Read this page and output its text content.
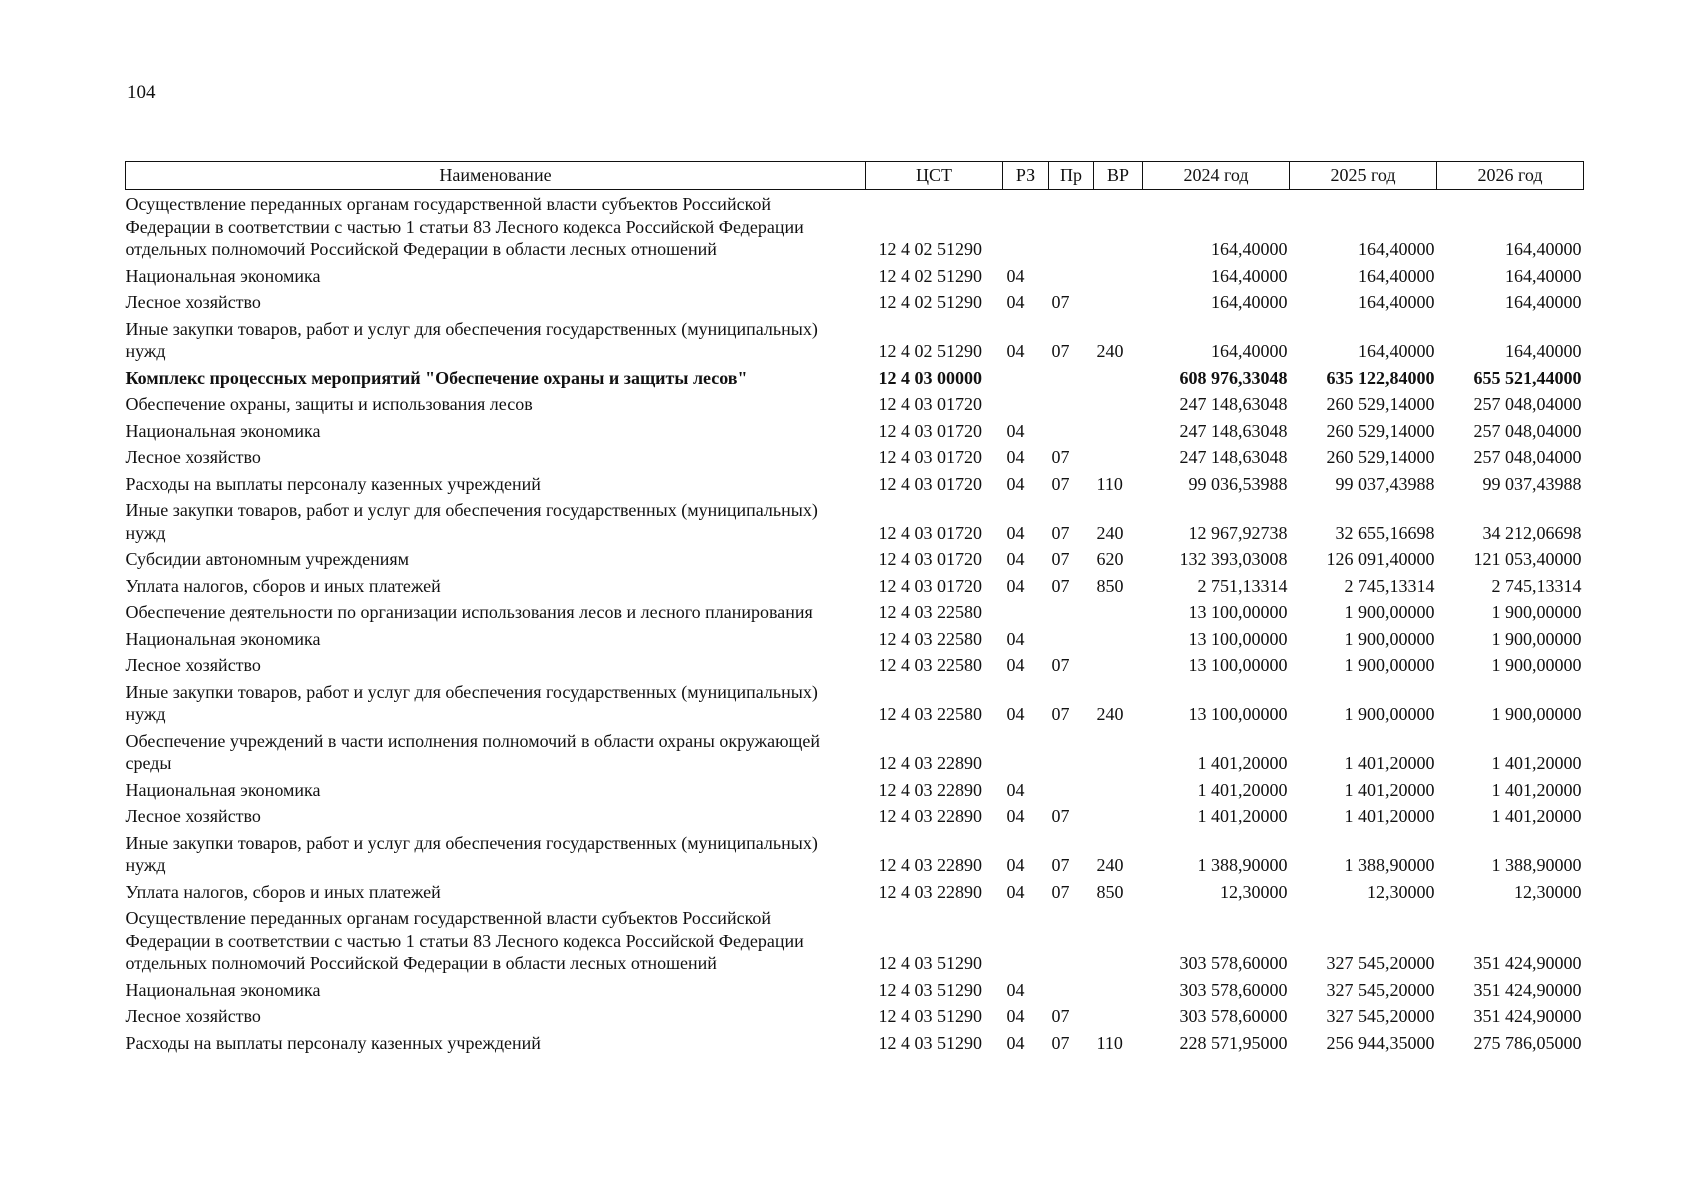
104
Наименование	ЦСТ	РЗ	Пр	ВР	2024 год	2025 год	2026 год
Осуществление переданных органам государственной власти субъектов Российской Федерации в соответствии с частью 1 статьи 83 Лесного кодекса Российской Федерации отдельных полномочий Российской Федерации в области лесных отношений	12 4 02 51290				164,40000	164,40000	164,40000
Национальная экономика	12 4 02 51290	04			164,40000	164,40000	164,40000
Лесное хозяйство	12 4 02 51290	04	07		164,40000	164,40000	164,40000
Иные закупки товаров, работ и услуг для обеспечения государственных (муниципальных) нужд	12 4 02 51290	04	07	240	164,40000	164,40000	164,40000
Комплекс процессных мероприятий "Обеспечение охраны и защиты лесов"	12 4 03 00000				608 976,33048	635 122,84000	655 521,44000
Обеспечение охраны, защиты и использования лесов	12 4 03 01720				247 148,63048	260 529,14000	257 048,04000
Национальная экономика	12 4 03 01720	04			247 148,63048	260 529,14000	257 048,04000
Лесное хозяйство	12 4 03 01720	04	07		247 148,63048	260 529,14000	257 048,04000
Расходы на выплаты персоналу казенных учреждений	12 4 03 01720	04	07	110	99 036,53988	99 037,43988	99 037,43988
Иные закупки товаров, работ и услуг для обеспечения государственных (муниципальных) нужд	12 4 03 01720	04	07	240	12 967,92738	32 655,16698	34 212,06698
Субсидии автономным учреждениям	12 4 03 01720	04	07	620	132 393,03008	126 091,40000	121 053,40000
Уплата налогов, сборов и иных платежей	12 4 03 01720	04	07	850	2 751,13314	2 745,13314	2 745,13314
Обеспечение деятельности по организации использования лесов и лесного планирования	12 4 03 22580				13 100,00000	1 900,00000	1 900,00000
Национальная экономика	12 4 03 22580	04			13 100,00000	1 900,00000	1 900,00000
Лесное хозяйство	12 4 03 22580	04	07		13 100,00000	1 900,00000	1 900,00000
Иные закупки товаров, работ и услуг для обеспечения государственных (муниципальных) нужд	12 4 03 22580	04	07	240	13 100,00000	1 900,00000	1 900,00000
Обеспечение учреждений в части исполнения полномочий в области охраны окружающей среды	12 4 03 22890				1 401,20000	1 401,20000	1 401,20000
Национальная экономика	12 4 03 22890	04			1 401,20000	1 401,20000	1 401,20000
Лесное хозяйство	12 4 03 22890	04	07		1 401,20000	1 401,20000	1 401,20000
Иные закупки товаров, работ и услуг для обеспечения государственных (муниципальных) нужд	12 4 03 22890	04	07	240	1 388,90000	1 388,90000	1 388,90000
Уплата налогов, сборов и иных платежей	12 4 03 22890	04	07	850	12,30000	12,30000	12,30000
Осуществление переданных органам государственной власти субъектов Российской Федерации в соответствии с частью 1 статьи 83 Лесного кодекса Российской Федерации отдельных полномочий Российской Федерации в области лесных отношений	12 4 03 51290				303 578,60000	327 545,20000	351 424,90000
Национальная экономика	12 4 03 51290	04			303 578,60000	327 545,20000	351 424,90000
Лесное хозяйство	12 4 03 51290	04	07		303 578,60000	327 545,20000	351 424,90000
Расходы на выплаты персоналу казенных учреждений	12 4 03 51290	04	07	110	228 571,95000	256 944,35000	275 786,05000
